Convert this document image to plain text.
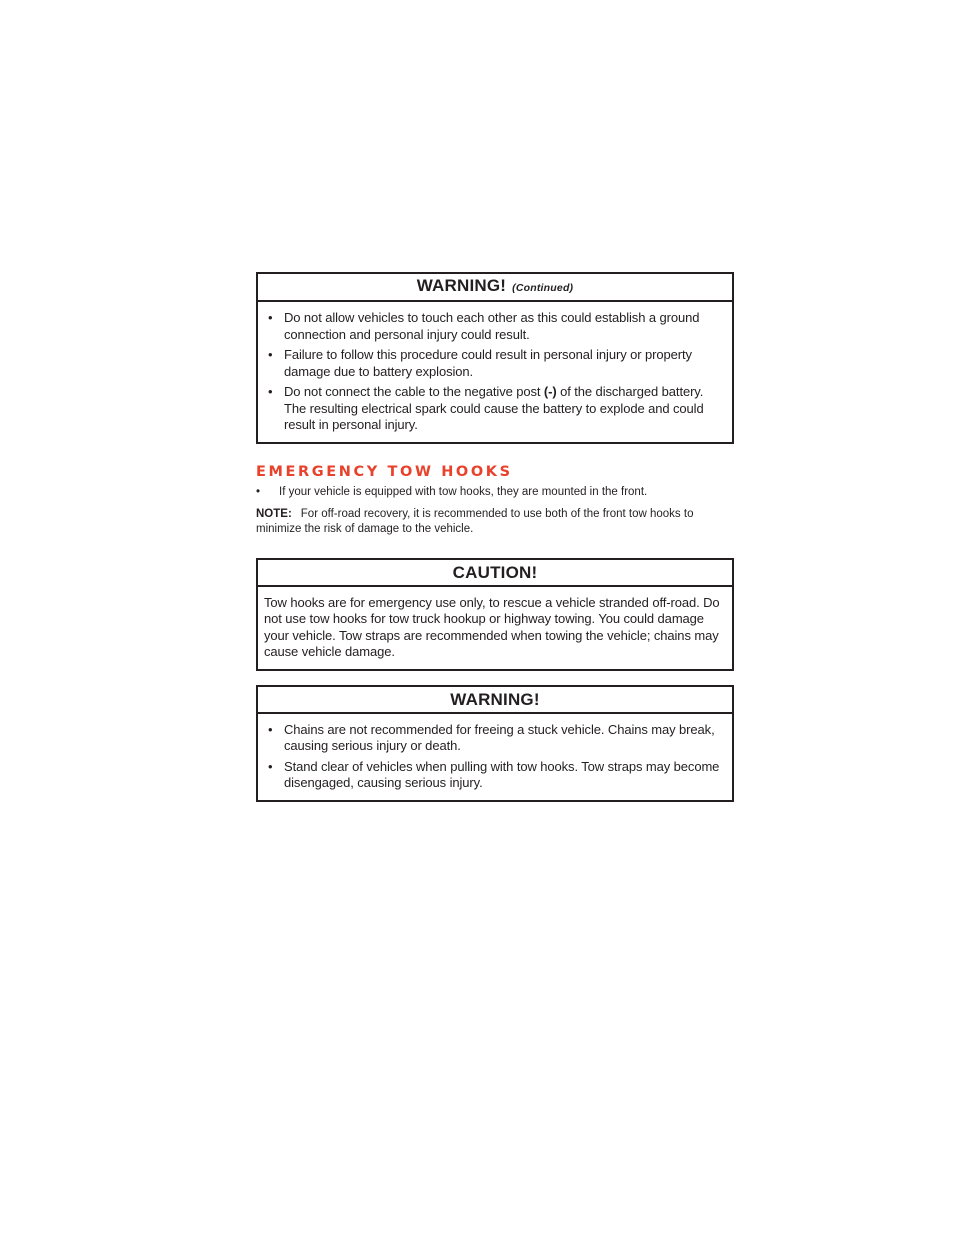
WARNING! (Continued)
• Do not allow vehicles to touch each other as this could establish a ground connection and personal injury could result.
• Failure to follow this procedure could result in personal injury or property damage due to battery explosion.
• Do not connect the cable to the negative post (-) of the discharged battery. The resulting electrical spark could cause the battery to explode and could result in personal injury.
EMERGENCY TOW HOOKS
• If your vehicle is equipped with tow hooks, they are mounted in the front.
NOTE: For off-road recovery, it is recommended to use both of the front tow hooks to minimize the risk of damage to the vehicle.
CAUTION!
Tow hooks are for emergency use only, to rescue a vehicle stranded off-road. Do not use tow hooks for tow truck hookup or highway towing. You could damage your vehicle. Tow straps are recommended when towing the vehicle; chains may cause vehicle damage.
WARNING!
• Chains are not recommended for freeing a stuck vehicle. Chains may break, causing serious injury or death.
• Stand clear of vehicles when pulling with tow hooks. Tow straps may become disengaged, causing serious injury.
